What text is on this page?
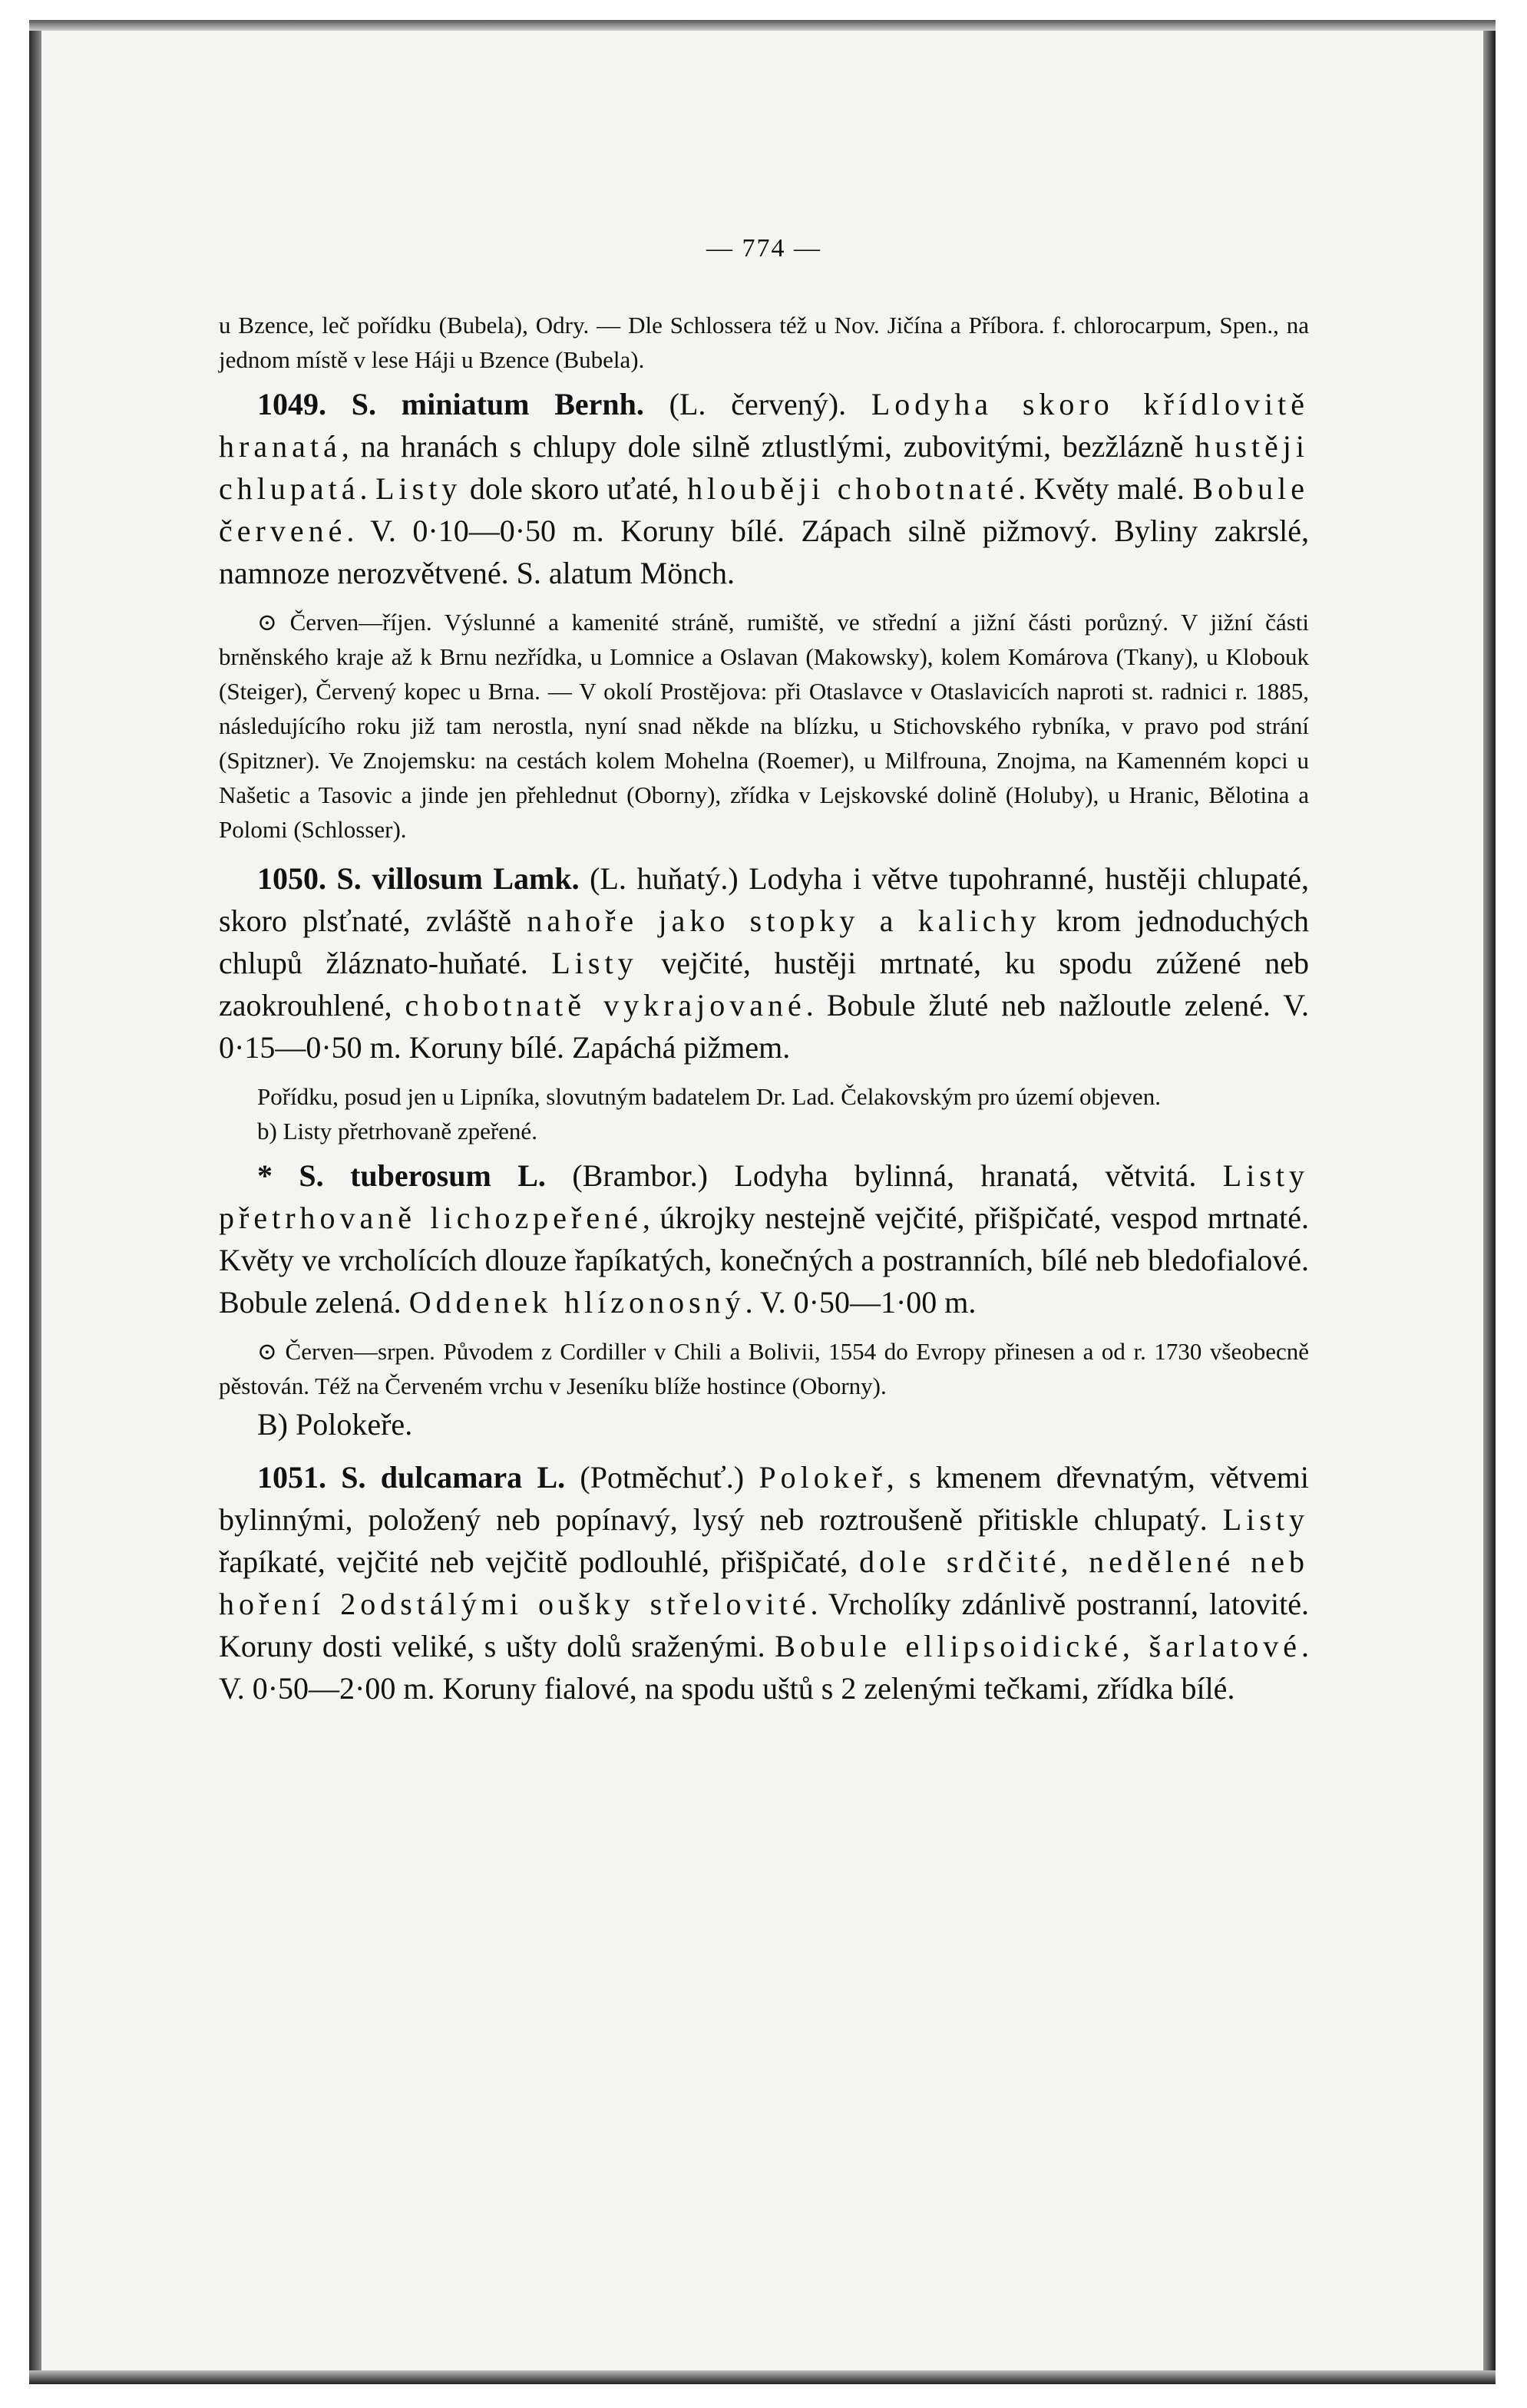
— 774 —

u Bzence, leč pořídku (Bubela), Odry. — Dle Schlossera též u Nov. Jičína a Příbora. f. chlorocarpum, Spen., na jednom místě v lese Háji u Bzence (Bubela).

1049. S. miniatum Bernh. (L. červený). Lodyha skoro křídlovitě hranatá, na hranách s chlupy dole silně ztlustlými, zubovitými, bezžlázně hustěji chlupatá. Listy dole skoro uťaté, hlouběji chobotnaté. Květy malé. Bobule červené. V. 0·10—0·50 m. Koruny bílé. Zápach silně pižmový. Byliny zakrslé, namnoze nerozvětvené. S. alatum Mönch.

⊙ Červen—říjen. Výslunné a kamenité stráně, rumiště, ve střední a jižní části porůzný. V jižní části brněnského kraje až k Brnu nezřídka, u Lomnice a Oslavan (Makowsky), kolem Komárova (Tkany), u Klobouk (Steiger), Červený kopec u Brna. — V okolí Prostějova: při Otaslavce v Otaslavicích naproti st. radnici r. 1885, následujícího roku již tam nerostla, nyní snad někde na blízku, u Stichovského rybníka, v pravo pod strání (Spitzner). Ve Znojemsku: na cestách kolem Mohelna (Roemer), u Milfrouna, Znojma, na Kamenném kopci u Našetic a Tasovic a jinde jen přehlednut (Oborny), zřídka v Lejskovské dolině (Holuby), u Hranic, Bělotina a Polomi (Schlosser).

1050. S. villosum Lamk. (L. huňatý.) Lodyha i větve tupohranné, hustěji chlupaté, skoro plsťnaté, zvláště nahoře jako stopky a kalichy krom jednoduchých chlupů žláznato-huňaté. Listy vejčité, hustěji mrtnaté, ku spodu zúžené neb zaokrouhlené, chobotnatě vykrajované. Bobule žluté neb nažloutle zelené. V. 0·15—0·50 m. Koruny bílé. Zapáchá pižmem.

Pořídku, posud jen u Lipníka, slovutným badatelem Dr. Lad. Čelakovským pro území objeven.

b) Listy přetrhovaně zpeřené.

* S. tuberosum L. (Brambor.) Lodyha bylinná, hranatá, větvitá. Listy přetrhovaně lichozpeřené, úkrojky nestejně vejčité, přišpičaté, vespod mrtnaté. Květy ve vrcholících dlouze řapíkatých, konečných a postranních, bílé neb bledofialové. Bobule zelená. Oddenek hlízonosný. V. 0·50—1·00 m.

⊙ Červen—srpen. Původem z Cordiller v Chili a Bolivii, 1554 do Evropy přinesen a od r. 1730 všeobecně pěstován. Též na Červeném vrchu v Jeseníku blíže hostince (Oborny).

B) Polokeře.

1051. S. dulcamara L. (Potměchuť.) Polokeř, s kmenem dřevnatým, větvemi bylinnými, položený neb popínavý, lysý neb roztroušeně přitiskle chlupatý. Listy řapíkaté, vejčité neb vejčitě podlouhlé, přišpičaté, dole srdčité, nedělené neb hoření 2odstálými oušky střelovité. Vrcholíky zdánlivě postranní, latovité. Koruny dosti veliké, s ušty dolů sraženými. Bobule ellipsoidické, šarlatové. V. 0·50—2·00 m. Koruny fialové, na spodu uštů s 2 zelenými tečkami, zřídka bílé.
